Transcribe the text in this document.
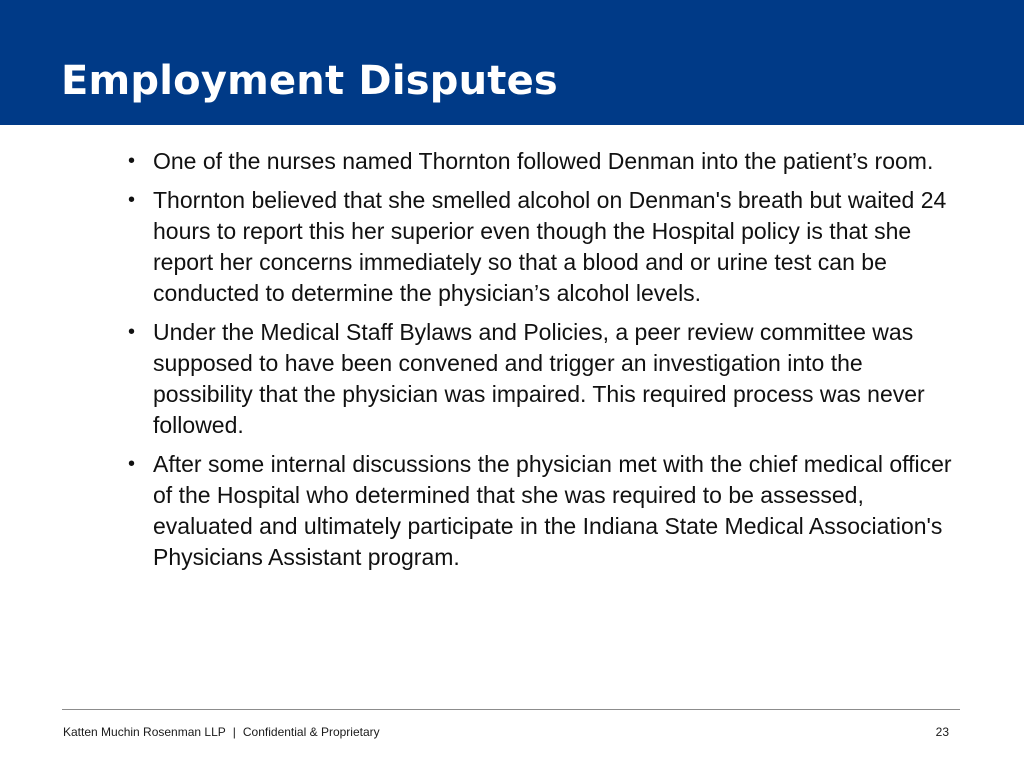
Employment Disputes
• One of the nurses named Thornton followed Denman into the patient’s room.
• Thornton believed that she smelled alcohol on Denman's breath but waited 24 hours to report this her superior even though the Hospital policy is that she report her concerns immediately so that a blood and or urine test can be conducted to determine the physician’s alcohol levels.
• Under the Medical Staff Bylaws and Policies, a peer review committee was supposed to have been convened and trigger an investigation into the possibility that the physician was impaired. This required process was never followed.
• After some internal discussions the physician met with the chief medical officer of the Hospital who determined that she was required to be assessed, evaluated and ultimately participate in the Indiana State Medical Association's Physicians Assistant program.
Katten Muchin Rosenman LLP | Confidential & Proprietary	23
